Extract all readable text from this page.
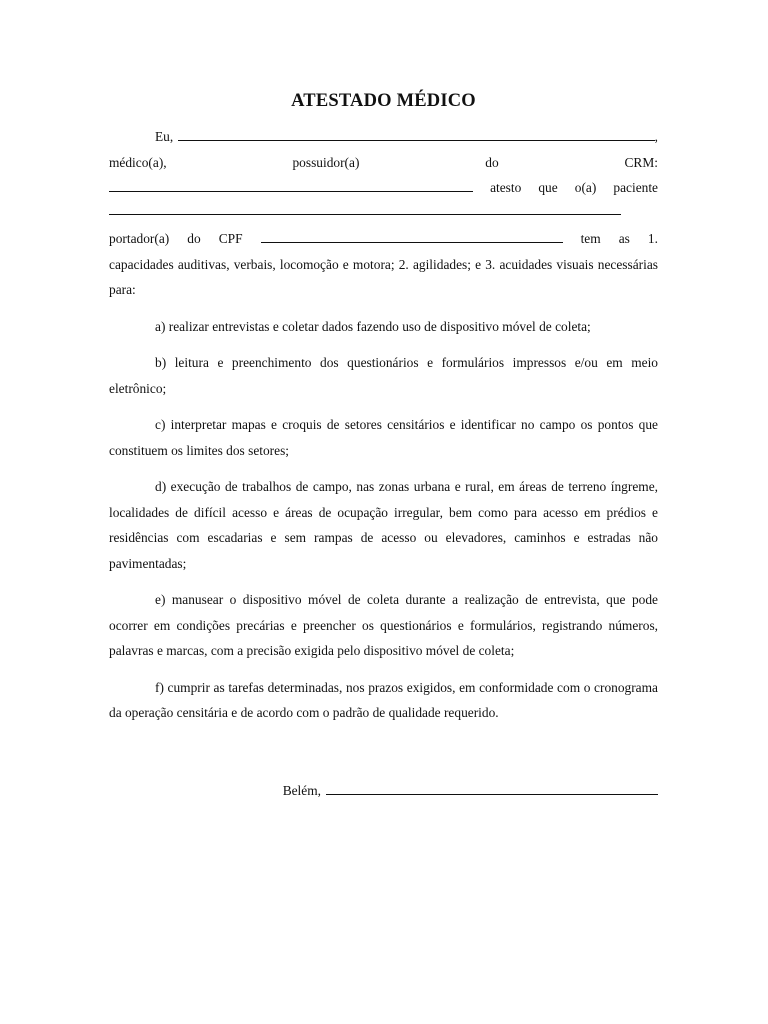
ATESTADO MÉDICO
Eu,	,
médico(a),	possuidor(a)	do	CRM:
atesto que o(a) paciente
portador(a) do CPF	tem as 1.

capacidades auditivas, verbais, locomoção e motora; 2. agilidades; e 3. acuidades visuais necessárias para:

a) realizar entrevistas e coletar dados fazendo uso de dispositivo móvel de coleta;

b) leitura e preenchimento dos questionários e formulários impressos e/ou em meio eletrônico;

c) interpretar mapas e croquis de setores censitários e identificar no campo os pontos que constituem os limites dos setores;

d) execução de trabalhos de campo, nas zonas urbana e rural, em áreas de terreno íngreme, localidades de difícil acesso e áreas de ocupação irregular, bem como para acesso em prédios e residências com escadarias e sem rampas de acesso ou elevadores, caminhos e estradas não pavimentadas;

e) manusear o dispositivo móvel de coleta durante a realização de entrevista, que pode ocorrer em condições precárias e preencher os questionários e formulários, registrando números, palavras e marcas, com a precisão exigida pelo dispositivo móvel de coleta;

f) cumprir as tarefas determinadas, nos prazos exigidos, em conformidade com o cronograma da operação censitária e de acordo com o padrão de qualidade requerido.

Belém,
